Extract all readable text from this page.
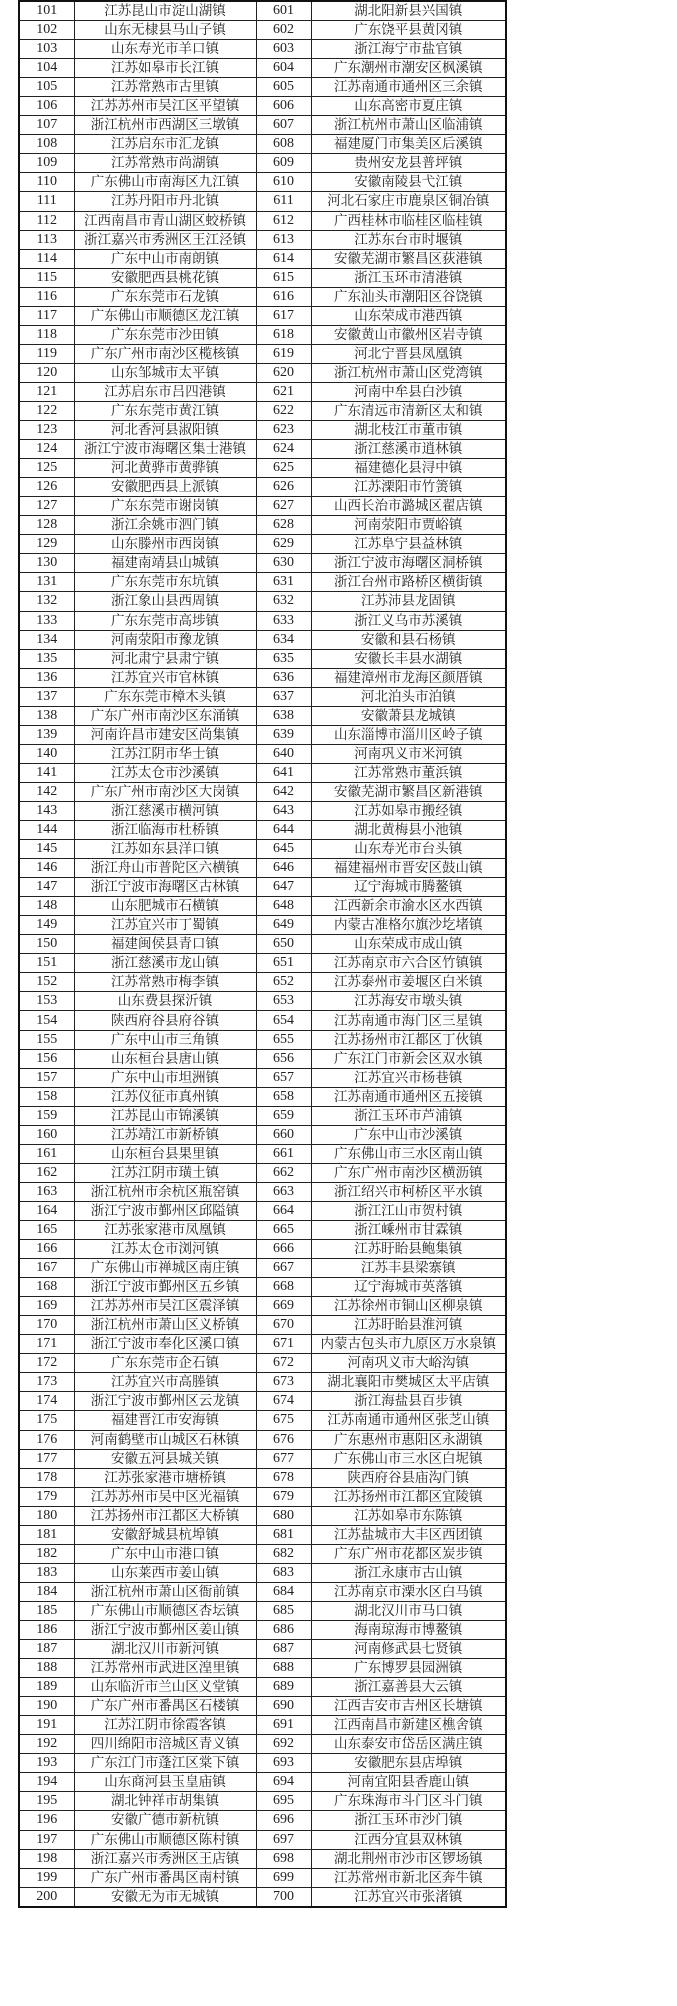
101	江苏昆山市淀山湖镇	601	湖北阳新县兴国镇
102	山东无棣县马山子镇	602	广东饶平县黄冈镇
103	山东寿光市羊口镇	603	浙江海宁市盐官镇
104	江苏如皋市长江镇	604	广东潮州市潮安区枫溪镇
105	江苏常熟市古里镇	605	江苏南通市通州区三余镇
106	江苏苏州市吴江区平望镇	606	山东高密市夏庄镇
107	浙江杭州市西湖区三墩镇	607	浙江杭州市萧山区临浦镇
108	江苏启东市汇龙镇	608	福建厦门市集美区后溪镇
109	江苏常熟市尚湖镇	609	贵州安龙县普坪镇
110	广东佛山市南海区九江镇	610	安徽南陵县弋江镇
111	江苏丹阳市丹北镇	611	河北石家庄市鹿泉区铜冶镇
112	江西南昌市青山湖区蛟桥镇	612	广西桂林市临桂区临桂镇
113	浙江嘉兴市秀洲区王江泾镇	613	江苏东台市时堰镇
114	广东中山市南朗镇	614	安徽芜湖市繁昌区荻港镇
115	安徽肥西县桃花镇	615	浙江玉环市清港镇
116	广东东莞市石龙镇	616	广东汕头市潮阳区谷饶镇
117	广东佛山市顺德区龙江镇	617	山东荣成市港西镇
118	广东东莞市沙田镇	618	安徽黄山市徽州区岩寺镇
119	广东广州市南沙区榄核镇	619	河北宁晋县凤凰镇
120	山东邹城市太平镇	620	浙江杭州市萧山区党湾镇
121	江苏启东市吕四港镇	621	河南中牟县白沙镇
122	广东东莞市黄江镇	622	广东清远市清新区太和镇
123	河北香河县淑阳镇	623	湖北枝江市董市镇
124	浙江宁波市海曙区集士港镇	624	浙江慈溪市逍林镇
125	河北黄骅市黄骅镇	625	福建德化县浔中镇
126	安徽肥西县上派镇	626	江苏溧阳市竹箦镇
127	广东东莞市谢岗镇	627	山西长治市潞城区翟店镇
128	浙江余姚市泗门镇	628	河南荥阳市贾峪镇
129	山东滕州市西岗镇	629	江苏阜宁县益林镇
130	福建南靖县山城镇	630	浙江宁波市海曙区洞桥镇
131	广东东莞市东坑镇	631	浙江台州市路桥区横街镇
132	浙江象山县西周镇	632	江苏沛县龙固镇
133	广东东莞市高埗镇	633	浙江义乌市苏溪镇
134	河南荥阳市豫龙镇	634	安徽和县石杨镇
135	河北肃宁县肃宁镇	635	安徽长丰县水湖镇
136	江苏宜兴市官林镇	636	福建漳州市龙海区颜厝镇
137	广东东莞市樟木头镇	637	河北泊头市泊镇
138	广东广州市南沙区东涌镇	638	安徽萧县龙城镇
139	河南许昌市建安区尚集镇	639	山东淄博市淄川区岭子镇
140	江苏江阴市华士镇	640	河南巩义市米河镇
141	江苏太仓市沙溪镇	641	江苏常熟市董浜镇
142	广东广州市南沙区大岗镇	642	安徽芜湖市繁昌区新港镇
143	浙江慈溪市横河镇	643	江苏如皋市搬经镇
144	浙江临海市杜桥镇	644	湖北黄梅县小池镇
145	江苏如东县洋口镇	645	山东寿光市台头镇
146	浙江舟山市普陀区六横镇	646	福建福州市晋安区鼓山镇
147	浙江宁波市海曙区古林镇	647	辽宁海城市腾鳌镇
148	山东肥城市石横镇	648	江西新余市渝水区水西镇
149	江苏宜兴市丁蜀镇	649	内蒙古准格尔旗沙圪堵镇
150	福建闽侯县青口镇	650	山东荣成市成山镇
151	浙江慈溪市龙山镇	651	江苏南京市六合区竹镇镇
152	江苏常熟市梅李镇	652	江苏泰州市姜堰区白米镇
153	山东费县探沂镇	653	江苏海安市墩头镇
154	陕西府谷县府谷镇	654	江苏南通市海门区三星镇
155	广东中山市三角镇	655	江苏扬州市江都区丁伙镇
156	山东桓台县唐山镇	656	广东江门市新会区双水镇
157	广东中山市坦洲镇	657	江苏宜兴市杨巷镇
158	江苏仪征市真州镇	658	江苏南通市通州区五接镇
159	江苏昆山市锦溪镇	659	浙江玉环市芦浦镇
160	江苏靖江市新桥镇	660	广东中山市沙溪镇
161	山东桓台县果里镇	661	广东佛山市三水区南山镇
162	江苏江阴市璜土镇	662	广东广州市南沙区横沥镇
163	浙江杭州市余杭区瓶窑镇	663	浙江绍兴市柯桥区平水镇
164	浙江宁波市鄞州区邱隘镇	664	浙江江山市贺村镇
165	江苏张家港市凤凰镇	665	浙江嵊州市甘霖镇
166	江苏太仓市浏河镇	666	江苏盱眙县鲍集镇
167	广东佛山市禅城区南庄镇	667	江苏丰县梁寨镇
168	浙江宁波市鄞州区五乡镇	668	辽宁海城市英落镇
169	江苏苏州市吴江区震泽镇	669	江苏徐州市铜山区柳泉镇
170	浙江杭州市萧山区义桥镇	670	江苏盱眙县淮河镇
171	浙江宁波市奉化区溪口镇	671	内蒙古包头市九原区万水泉镇
172	广东东莞市企石镇	672	河南巩义市大峪沟镇
173	江苏宜兴市高塍镇	673	湖北襄阳市樊城区太平店镇
174	浙江宁波市鄞州区云龙镇	674	浙江海盐县百步镇
175	福建晋江市安海镇	675	江苏南通市通州区张芝山镇
176	河南鹤壁市山城区石林镇	676	广东惠州市惠阳区永湖镇
177	安徽五河县城关镇	677	广东佛山市三水区白坭镇
178	江苏张家港市塘桥镇	678	陕西府谷县庙沟门镇
179	江苏苏州市吴中区光福镇	679	江苏扬州市江都区宜陵镇
180	江苏扬州市江都区大桥镇	680	江苏如皋市东陈镇
181	安徽舒城县杭埠镇	681	江苏盐城市大丰区西团镇
182	广东中山市港口镇	682	广东广州市花都区炭步镇
183	山东莱西市姜山镇	683	浙江永康市古山镇
184	浙江杭州市萧山区衙前镇	684	江苏南京市溧水区白马镇
185	广东佛山市顺德区杏坛镇	685	湖北汉川市马口镇
186	浙江宁波市鄞州区姜山镇	686	海南琼海市博鳌镇
187	湖北汉川市新河镇	687	河南修武县七贤镇
188	江苏常州市武进区湟里镇	688	广东博罗县园洲镇
189	山东临沂市兰山区义堂镇	689	浙江嘉善县大云镇
190	广东广州市番禺区石楼镇	690	江西吉安市吉州区长塘镇
191	江苏江阴市徐霞客镇	691	江西南昌市新建区樵舍镇
192	四川绵阳市涪城区青义镇	692	山东泰安市岱岳区满庄镇
193	广东江门市蓬江区棠下镇	693	安徽肥东县店埠镇
194	山东商河县玉皇庙镇	694	河南宜阳县香鹿山镇
195	湖北钟祥市胡集镇	695	广东珠海市斗门区斗门镇
196	安徽广德市新杭镇	696	浙江玉环市沙门镇
197	广东佛山市顺德区陈村镇	697	江西分宜县双林镇
198	浙江嘉兴市秀洲区王店镇	698	湖北荆州市沙市区锣场镇
199	广东广州市番禺区南村镇	699	江苏常州市新北区奔牛镇
200	安徽无为市无城镇	700	江苏宜兴市张渚镇
